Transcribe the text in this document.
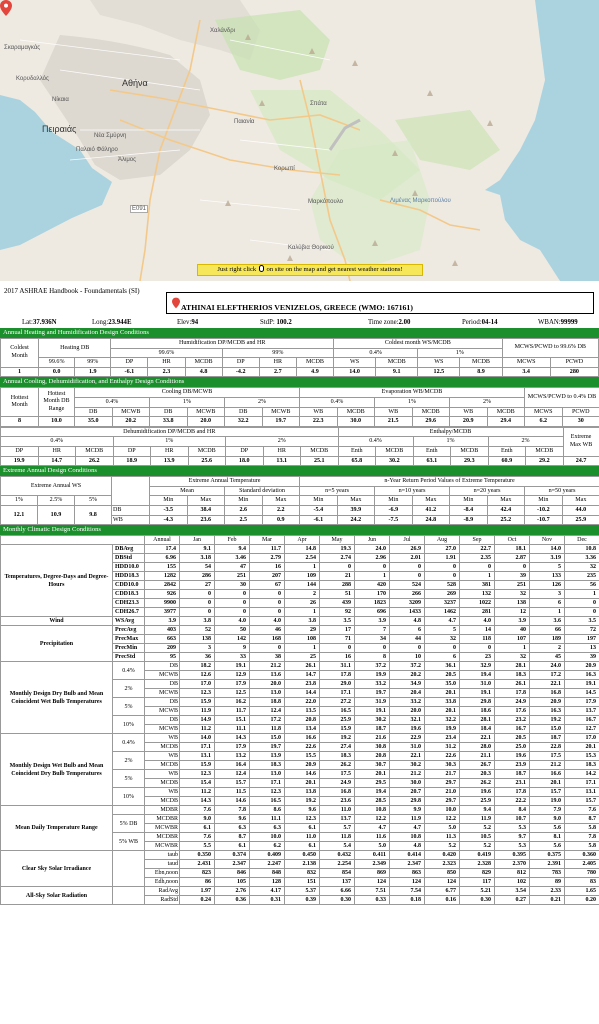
Χαλάνδρι
Σκαραμαγκάς
Κορυδαλλός	Αθήνα
Νίκαια
Πειραιάς
Νέα Σμύρνη
Παλαιό Φάληρο
Άλιμος
Παιανία
Σπάτα
Κορωπί
Μαρκόπουλο	Λιμένας Μαρκοπούλου
Καλύβια Θορικού
E091
Just right click on site on the map and get nearest weather stations!
2017 ASHRAE Handbook - Foundamentals (SI)
ATHINAI ELEFTHERIOS VENIZELOS, GREECE (WMO: 167161)
Lat:37.936N	Long:23.944E	Elev:94	StdP: 100.2	Time zone:2.00	Period:04-14	WBAN:99999
Annual Heating and Humidification Design Conditions
Coldest Month	Heating DB		Humidification DP/MCDB and HR						Coldest month WS/MCDB				MCWS/PCWD to 99.6% DB	
			99.6%			99%			0.4%		1%			
	99.6%	99%	DP	HR	MCDB	DP	HR	MCDB	WS	MCDB	WS	MCDB	MCWS	PCWD
1	0.0	1.9	-6.1	2.3	4.8	-4.2	2.7	4.9	14.0	9.1	12.5	8.9	3.4	280
Annual Cooling, Dehumidification, and Enthalpy Design Conditions
Hottest Month	Hottest Month DB Range	Cooling DB/MCWB						Evaporation WB/MCDB						MCWS/PCWD to 0.4% DB	
		0.4%		1%		2%		0.4%		1%		2%			
		DB	MCWB	DB	MCWB	DB	MCWB	WB	MCDB	WB	MCDB	WB	MCDB	MCWS	PCWD
8	10.0	35.0	20.2	33.8	20.0	32.2	19.7	22.3	30.0	21.5	29.6	20.9	29.4	6.2	30
Dehumidification DP/MCDB and HR									Enthalpy/MCDB						Extreme Max WB
0.4%			1%			2%			0.4%		1%		2%		
DP	HR	MCDB	DP	HR	MCDB	DP	HR	MCDB	Enth	MCDB	Enth	MCDB	Enth	MCDB	
19.9	14.7	26.2	18.9	13.9	25.6	18.0	13.1	25.1	65.8	30.2	63.1	29.3	60.9	29.2	24.7
Extreme Annual Design Conditions
Extreme Annual WS				Extreme Annual Temperature				n-Year Return Period Values of Extreme Temperature							
				Mean		Standard deviation		n=5 years		n=10 years		n=20 years		n=50 years	
1%	2.5%	5%		Min	Max	Min	Max	Min	Max	Min	Max	Min	Max	Min	Max
12.1	10.9	9.8	DB	-3.5	38.4	2.6	2.2	-5.4	39.9	-6.9	41.2	-8.4	42.4	-10.2	44.0
			WB	-4.3	23.6	2.5	0.9	-6.1	24.2	-7.5	24.8	-8.9	25.2	-10.7	25.9
Monthly Climatic Design Conditions
		Annual	Jan	Feb	Mar	Apr	May	Jun	Jul	Aug	Sep	Oct	Nov	Dec
Temperatures, Degree-Days and Degree-Hours	DBAvg	17.4	9.1	9.4	11.7	14.8	19.3	24.0	26.9	27.0	22.7	18.1	14.0	10.8
	DBStd	6.96	3.18	3.46	2.79	2.54	2.74	2.96	2.01	1.91	2.35	2.87	3.19	3.36
	HDD10.0	155	54	47	16	1	0	0	0	0	0	0	5	32
	HDD18.3	1282	286	251	207	109	21	1	0	0	1	39	133	235
	CDD10.0	2842	27	30	67	144	288	420	524	528	381	251	126	56
	CDD18.3	926	0	0	0	2	51	170	266	269	132	32	3	1
	CDH23.3	9900	0	0	0	26	439	1823	3209	3237	1022	138	6	0
	CDH26.7	3977	0	0	0	1	92	696	1433	1462	281	12	1	0
Wind	WSAvg	3.9	3.8	4.0	4.0	3.8	3.5	3.9	4.8	4.7	4.0	3.9	3.6	3.5
Precipitation	PrecAvg	403	52	50	46	29	17	7	6	5	14	40	66	72
	PrecMax	663	138	142	168	108	71	34	44	32	118	107	189	197
	PrecMin	209	3	9	0	1	0	0	0	0	0	1	2	13
	PrecStd	95	36	33	38	25	16	8	10	6	23	32	45	39
Monthly Design Dry Bulb and Mean Coincident Wet Bulb Temperatures	0.4%	DB	18.2	19.1	21.2	26.1	31.1	37.2	37.2	36.1	32.9	28.1	24.0	20.9
		MCWB	12.6	12.9	13.6	14.7	17.8	19.9	20.2	20.5	19.4	18.3	17.2	16.3
	2%	DB	17.0	17.9	20.0	23.8	29.0	33.2	34.9	35.0	31.0	26.1	22.1	19.1
		MCWB	12.3	12.5	13.0	14.4	17.1	19.7	20.4	20.1	19.1	17.8	16.8	14.5
	5%	DB	15.9	16.2	18.8	22.0	27.2	31.9	33.2	33.8	29.8	24.9	20.9	17.9
		MCWB	11.9	11.7	12.4	13.5	16.5	19.1	20.0	20.1	18.6	17.6	16.3	13.7
	10%	DB	14.9	15.1	17.2	20.8	25.9	30.2	32.1	32.2	28.1	23.2	19.2	16.7
		MCWB	11.2	11.1	11.8	13.4	15.9	18.7	19.6	19.9	18.4	16.7	15.0	12.7
Monthly Design Wet Bulb and Mean Coincident Dry Bulb Temperatures	0.4%	WB	14.0	14.3	15.0	16.6	19.2	21.6	22.9	23.4	22.1	20.5	18.7	17.0
		MCDB	17.1	17.9	19.7	22.6	27.4	30.8	31.0	31.2	28.0	25.0	22.8	20.1
	2%	WB	13.1	13.2	13.9	15.5	18.3	20.8	22.1	22.6	21.1	19.6	17.5	15.3
		MCDB	15.9	16.4	18.3	20.9	26.2	30.7	30.2	30.3	26.7	23.9	21.2	18.3
	5%	WB	12.3	12.4	13.0	14.6	17.5	20.1	21.2	21.7	20.3	18.7	16.6	14.2
		MCDB	15.4	15.7	17.1	20.1	24.9	29.5	30.0	29.7	26.2	23.1	20.1	17.1
	10%	WB	11.2	11.5	12.3	13.8	16.8	19.4	20.7	21.0	19.6	17.8	15.7	13.1
		MCDB	14.3	14.6	16.5	19.2	23.6	28.5	29.8	29.7	25.9	22.2	19.0	15.7
Mean Daily Temperature Range		MDBR	7.6	7.8	8.6	9.6	11.0	10.8	9.9	10.0	9.4	8.4	7.9	7.6
	5% DB	MCDBR	9.0	9.6	11.1	12.3	13.7	12.2	11.9	12.2	11.9	10.7	9.0	8.7
		MCWBR	6.1	6.3	6.3	6.1	5.7	4.7	4.7	5.0	5.2	5.3	5.6	5.8
	5% WB	MCDBR	7.6	8.7	10.0	11.0	11.8	11.6	10.8	11.3	10.5	9.7	8.1	7.8
		MCWBR	5.5	6.1	6.2	6.1	5.4	5.0	4.8	5.2	5.2	5.3	5.6	5.8
Clear Sky Solar Irradiance		taub	0.350	0.374	0.409	0.450	0.432	0.411	0.414	0.420	0.419	0.395	0.375	0.360
		taud	2.431	2.347	2.247	2.138	2.254	2.349	2.347	2.323	2.328	2.370	2.391	2.405
		Ebn,noon	823	846	848	832	854	869	863	850	829	812	783	780
		Edh,noon	86	105	128	151	137	124	124	124	117	102	89	83
All-Sky Solar Radiation		RadAvg	1.97	2.76	4.17	5.37	6.66	7.51	7.54	6.77	5.21	3.54	2.33	1.65
		RadStd	0.24	0.36	0.31	0.39	0.30	0.33	0.18	0.16	0.30	0.27	0.21	0.20
